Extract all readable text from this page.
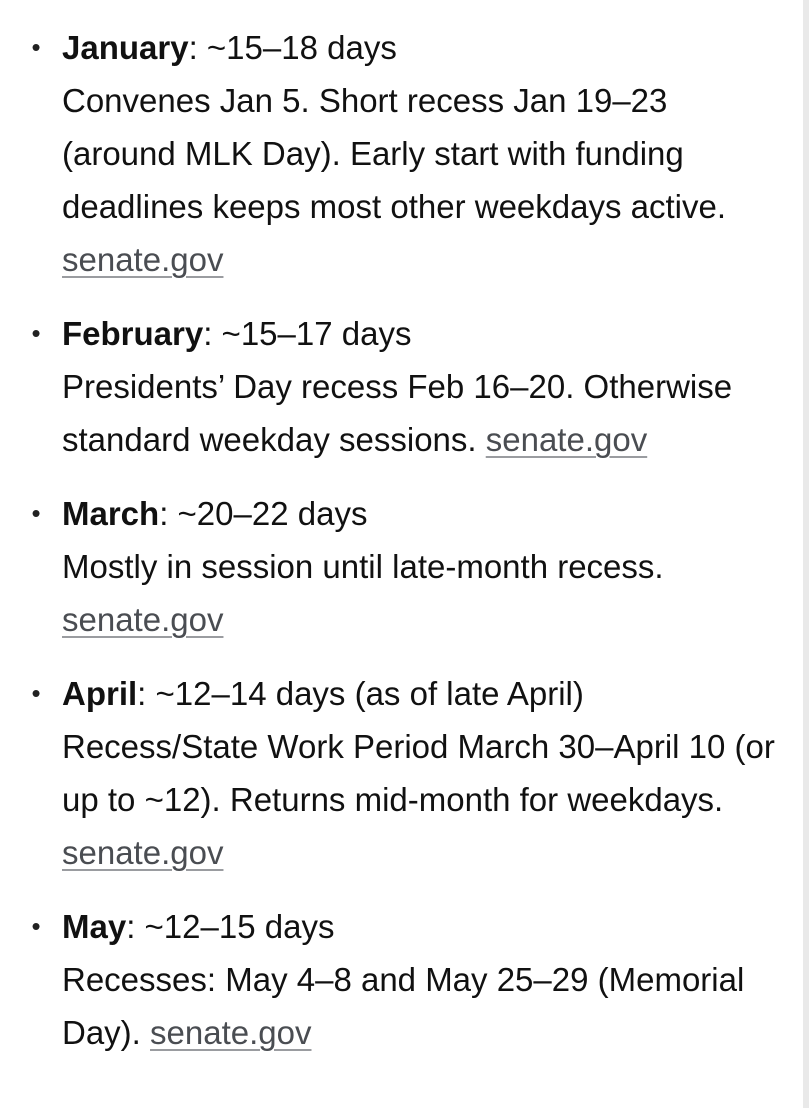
• January: ~15–18 days
Convenes Jan 5. Short recess Jan 19–23 (around MLK Day). Early start with funding deadlines keeps most other weekdays active. senate.gov
• February: ~15–17 days
Presidents’ Day recess Feb 16–20. Otherwise standard weekday sessions. senate.gov
• March: ~20–22 days
Mostly in session until late-month recess. senate.gov
• April: ~12–14 days (as of late April)
Recess/State Work Period March 30–April 10 (or up to ~12). Returns mid-month for weekdays. senate.gov
• May: ~12–15 days
Recesses: May 4–8 and May 25–29 (Memorial Day). senate.gov
